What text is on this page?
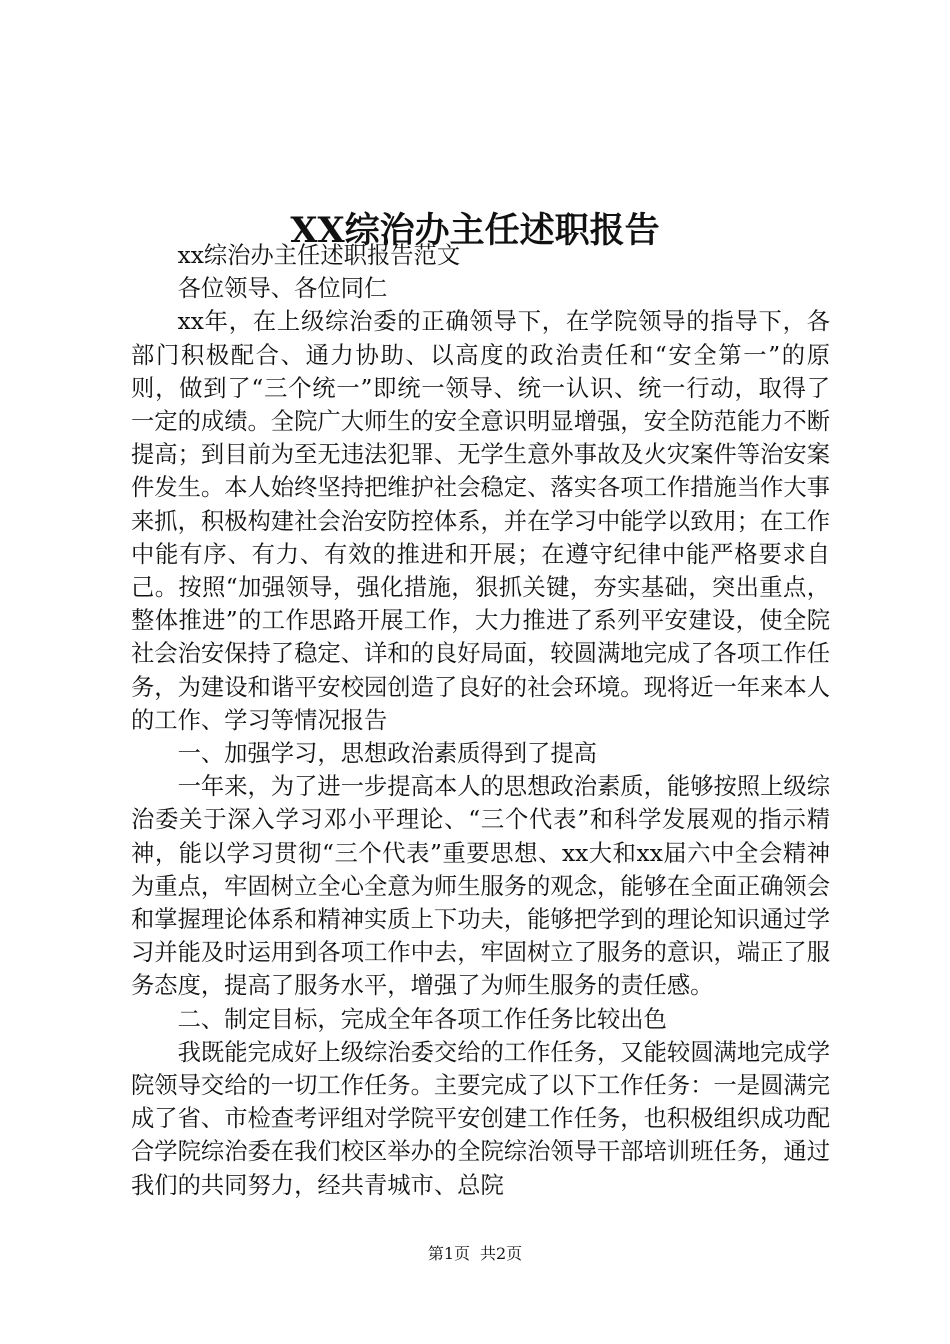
XX综治办主任述职报告

xx综治办主任述职报告范文

各位领导、各位同仁

xx年，在上级综治委的正确领导下，在学院领导的指导下，各部门积极配合、通力协助、以高度的政治责任和“安全第一”的原则，做到了“三个统一”即统一领导、统一认识、统一行动，取得了一定的成绩。全院广大师生的安全意识明显增强，安全防范能力不断提高；到目前为至无违法犯罪、无学生意外事故及火灾案件等治安案件发生。本人始终坚持把维护社会稳定、落实各项工作措施当作大事来抓，积极构建社会治安防控体系，并在学习中能学以致用；在工作中能有序、有力、有效的推进和开展；在遵守纪律中能严格要求自己。按照“加强领导，强化措施，狠抓关键，夯实基础，突出重点，整体推进”的工作思路开展工作，大力推进了系列平安建设，使全院社会治安保持了稳定、详和的良好局面，较圆满地完成了各项工作任务，为建设和谐平安校园创造了良好的社会环境。现将近一年来本人的工作、学习等情况报告

一、加强学习，思想政治素质得到了提高

一年来，为了进一步提高本人的思想政治素质，能够按照上级综治委关于深入学习邓小平理论、“三个代表”和科学发展观的指示精神，能以学习贯彻“三个代表”重要思想、xx大和xx届六中全会精神为重点，牢固树立全心全意为师生服务的观念，能够在全面正确领会和掌握理论体系和精神实质上下功夫，能够把学到的理论知识通过学习并能及时运用到各项工作中去，牢固树立了服务的意识，端正了服务态度，提高了服务水平，增强了为师生服务的责任感。

二、制定目标，完成全年各项工作任务比较出色

我既能完成好上级综治委交给的工作任务，又能较圆满地完成学院领导交给的一切工作任务。主要完成了以下工作任务：一是圆满完成了省、市检查考评组对学院平安创建工作任务，也积极组织成功配合学院综治委在我们校区举办的全院综治领导干部培训班任务，通过我们的共同努力，经共青城市、总院

第1页 共2页
